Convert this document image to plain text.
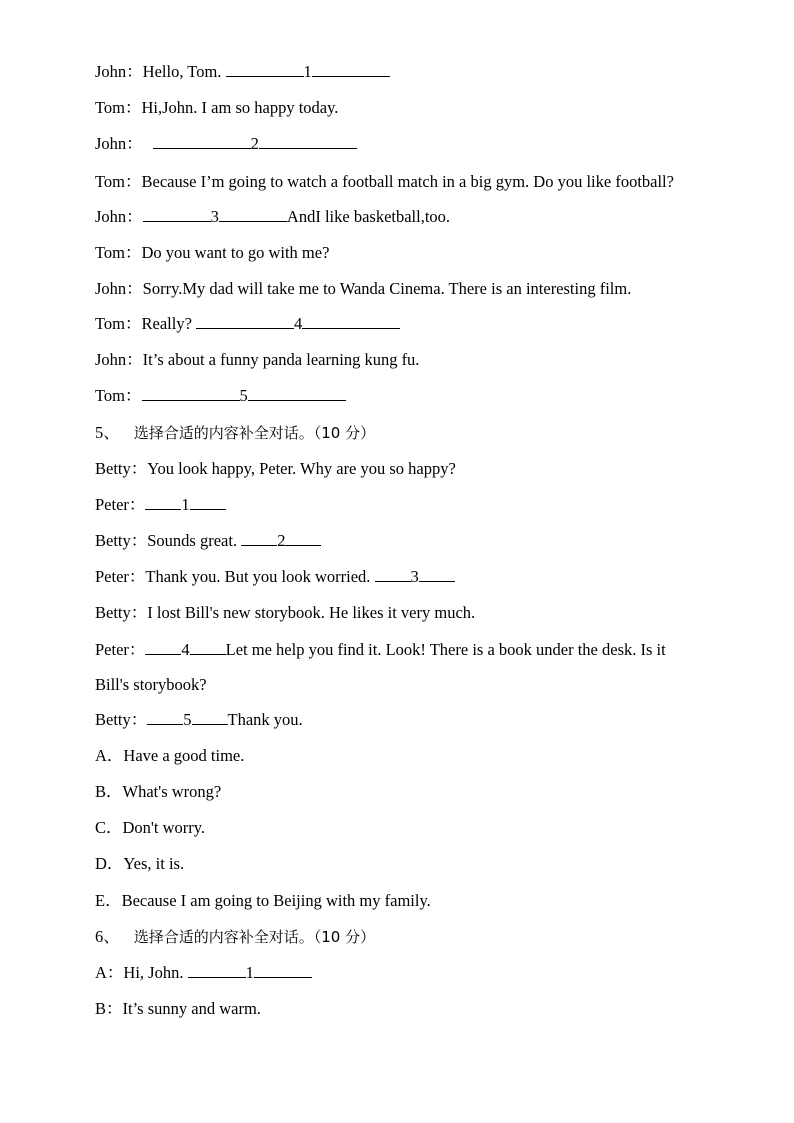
John：Hello, Tom.	1
Tom：Hi,John. I am so happy today.
John：	2
Tom：Because I’m going to watch a football match in a big gym. Do you like football?
John：	3	AndI like basketball,too.
Tom：Do you want to go with me?
John：Sorry.My dad will take me to Wanda Cinema. There is an interesting film.
Tom：Really?	4
John：It’s about a funny panda learning kung fu.
Tom：	5
5、 选择合适的内容补全对话。（10 分）
Betty：You look happy, Peter. Why are you so happy?
Peter： 1
Betty：Sounds great. 2
Peter：Thank you. But you look worried. 3
Betty：I lost Bill's new storybook. He likes it very much.
Peter： 4 Let me help you find it. Look! There is a book under the desk. Is it Bill's storybook?
Betty： 5 Thank you.
A．Have a good time.
B．What's wrong?
C．Don't worry.
D．Yes, it is.
E．Because I am going to Beijing with my family.
6、 选择合适的内容补全对话。（10 分）
A：Hi, John.	1
B：It’s sunny and warm.
